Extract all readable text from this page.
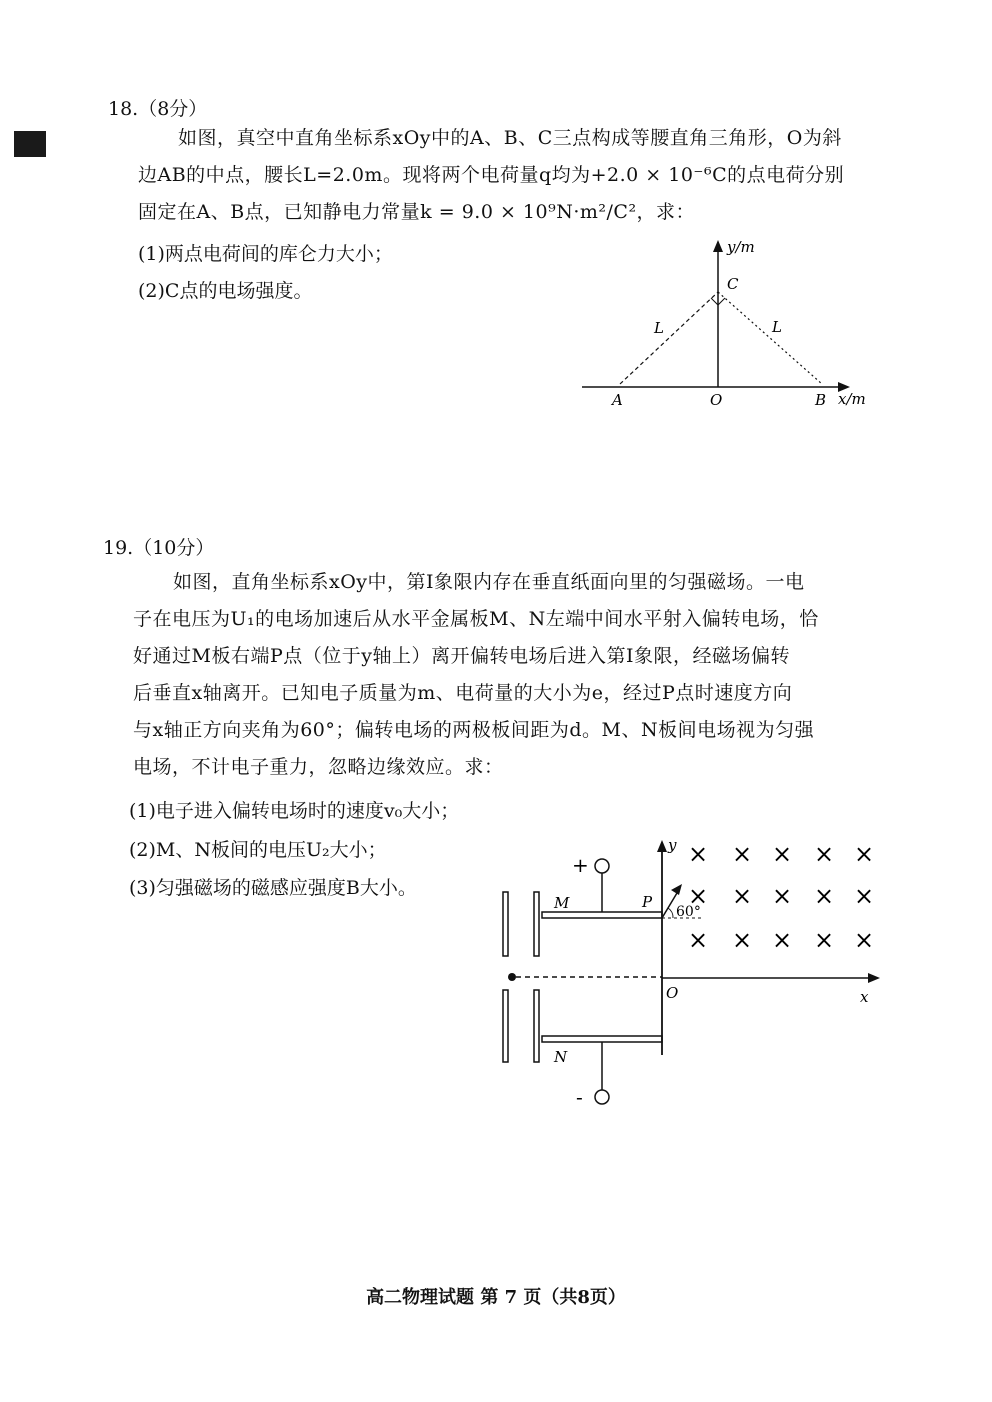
18.（8分）

如图，真空中直角坐标系xOy中的A、B、C三点构成等腰直角三角形，O为斜

边AB的中点，腰长L=2.0m。现将两个电荷量q均为+2.0 × 10⁻⁶C的点电荷分别

固定在A、B点，已知静电力常量k = 9.0 × 10⁹N·m²/C²，求：

(1)两点电荷间的库仑力大小；
(2)C点的电场强度。
y/m
x/m
C
A	O	B
L	L
19.（10分）

如图，直角坐标系xOy中，第Ⅰ象限内存在垂直纸面向里的匀强磁场。一电

子在电压为U₁的电场加速后从水平金属板M、N左端中间水平射入偏转电场，恰

好通过M板右端P点（位于y轴上）离开偏转电场后进入第Ⅰ象限，经磁场偏转

后垂直x轴离开。已知电子质量为m、电荷量的大小为e，经过P点时速度方向

与x轴正方向夹角为60°；偏转电场的两极板间距为d。M、N板间电场视为匀强

电场，不计电子重力，忽略边缘效应。求：

(1)电子进入偏转电场时的速度v₀大小；
(2)M、N板间的电压U₂大小；
(3)匀强磁场的磁感应强度B大小。
+
-
M
N
60°
P
O	x
y × × × × ×
× × × × ×
× × × × ×
高二物理试题 第 7 页（共8页）
